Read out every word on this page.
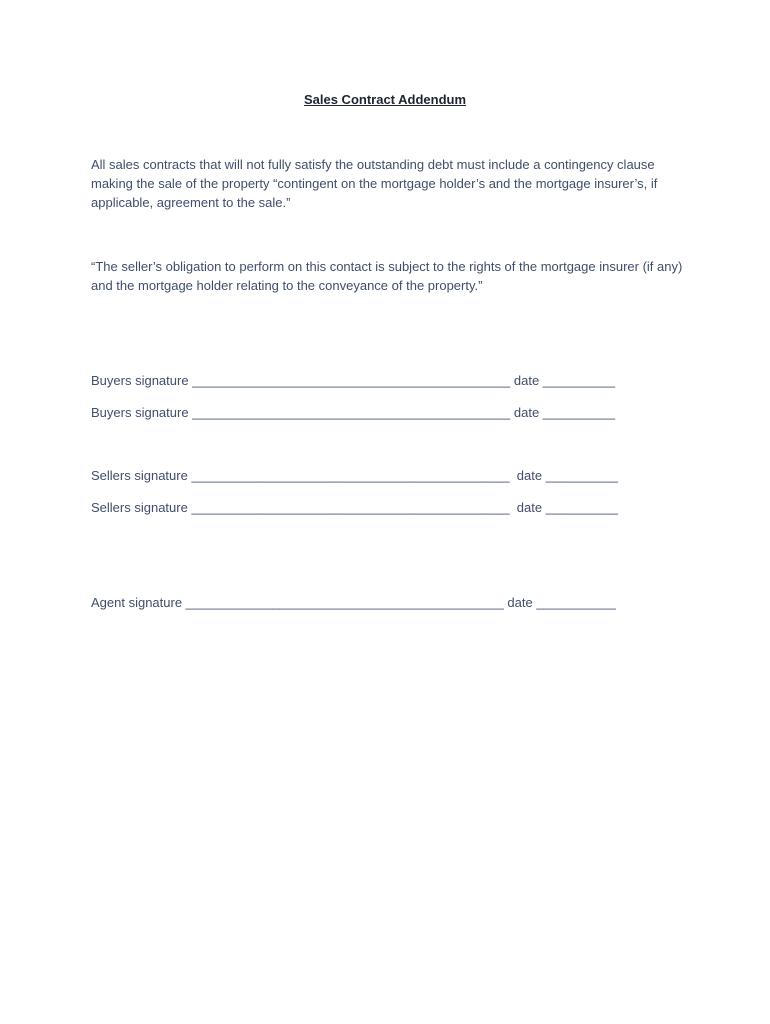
Sales Contract Addendum

All sales contracts that will not fully satisfy the outstanding debt must include a contingency clause making the sale of the property “contingent on the mortgage holder’s and the mortgage insurer’s, if applicable, agreement to the sale.”

“The seller’s obligation to perform on this contact is subject to the rights of the mortgage insurer (if any) and the mortgage holder relating to the conveyance of the property.”

Buyers signature ____________________________________________ date __________
Buyers signature ____________________________________________ date __________
Sellers signature ____________________________________________  date __________
Sellers signature ____________________________________________  date __________
Agent signature ____________________________________________ date ___________
